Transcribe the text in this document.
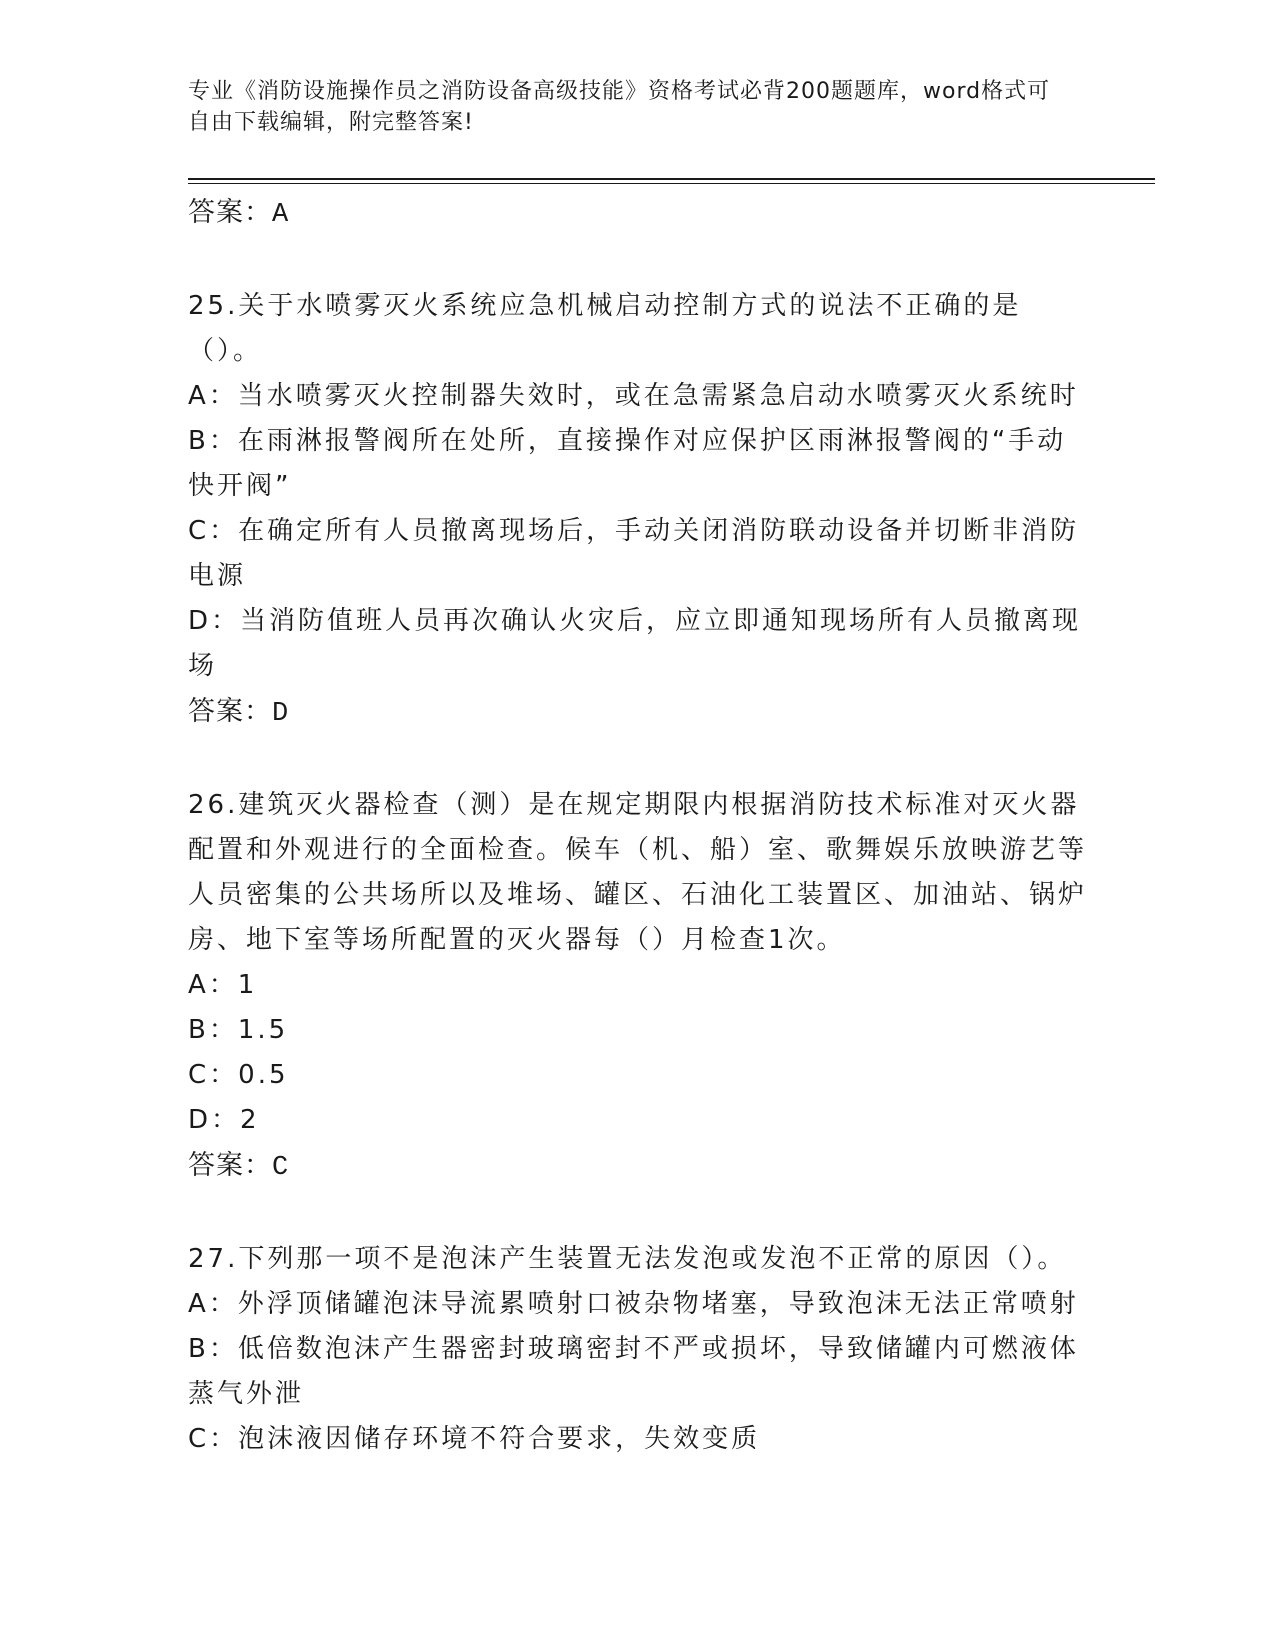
专业《消防设施操作员之消防设备高级技能》资格考试必背200题题库，word格式可自由下载编辑，附完整答案!

答案：A

25.关于水喷雾灭火系统应急机械启动控制方式的说法不正确的是（）。

A：当水喷雾灭火控制器失效时，或在急需紧急启动水喷雾灭火系统时

B：在雨淋报警阀所在处所，直接操作对应保护区雨淋报警阀的“手动快开阀”

C：在确定所有人员撤离现场后，手动关闭消防联动设备并切断非消防电源

D：当消防值班人员再次确认火灾后，应立即通知现场所有人员撤离现场

答案：D

26.建筑灭火器检查（测）是在规定期限内根据消防技术标准对灭火器配置和外观进行的全面检查。候车（机、船）室、歌舞娱乐放映游艺等人员密集的公共场所以及堆场、罐区、石油化工装置区、加油站、锅炉房、地下室等场所配置的灭火器每（）月检查1次。

A：1

B：1.5

C：0.5

D：2

答案：C

27.下列那一项不是泡沫产生装置无法发泡或发泡不正常的原因（）。

A：外浮顶储罐泡沫导流累喷射口被杂物堵塞，导致泡沫无法正常喷射

B：低倍数泡沫产生器密封玻璃密封不严或损坏，导致储罐内可燃液体蒸气外泄

C：泡沫液因储存环境不符合要求，失效变质
